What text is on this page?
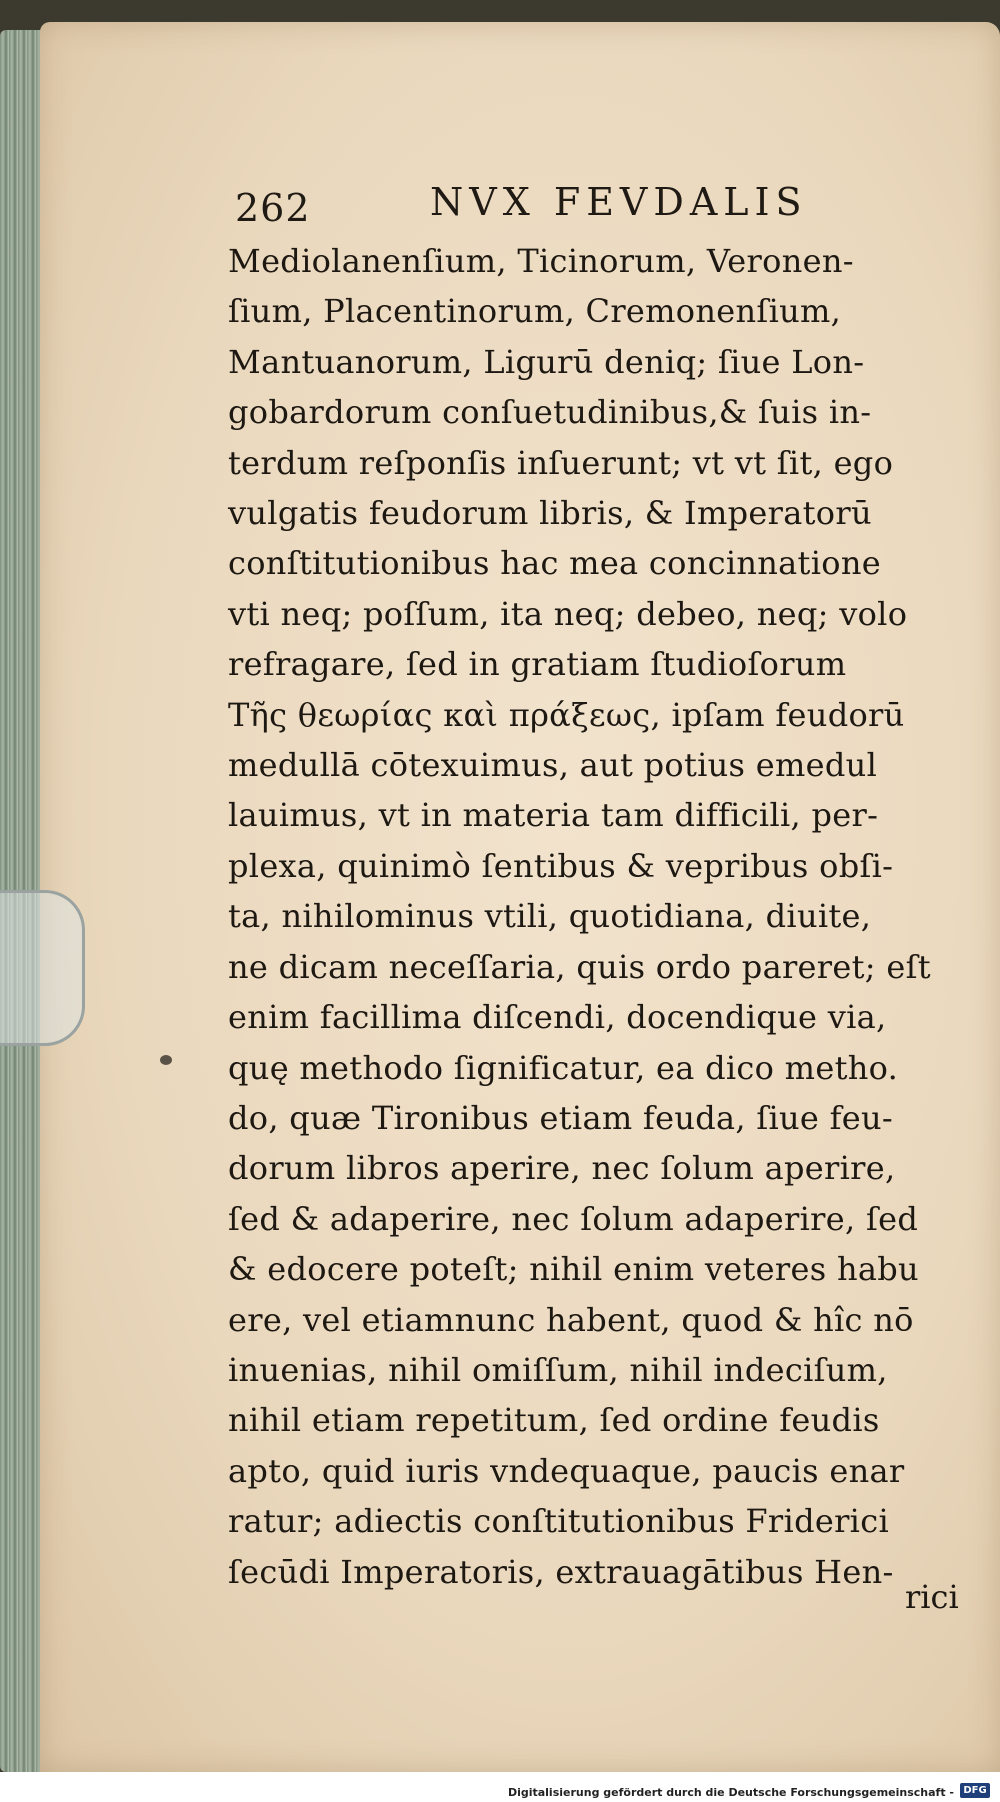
262	NVX FEVDALIS
Mediolanenſium, Ticinorum, Veronen-
ſium, Placentinorum, Cremonenſium,
Mantuanorum, Ligurū deniq; ſiue Lon-
gobardorum conſuetudinibus,& ſuis in-
terdum reſponſis inſuerunt; vt vt ſit, ego
vulgatis feudorum libris, & Imperatorū
conſtitutionibus hac mea concinnatione
vti neq; poſſum, ita neq; debeo, neq; volo
refragare, ſed in gratiam ſtudioſorum
Τῆς θεωρίας καὶ πράξεως, ipſam feudorū
medullā cōtexuimus, aut potius emedul
lauimus, vt in materia tam difficili, per-
plexa, quinimò ſentibus & vepribus obſi-
ta, nihilominus vtili, quotidiana, diuite,
ne dicam neceſſaria, quis ordo pareret; eſt
enim facillima diſcendi, docendique via,
quę methodo ſignificatur, ea dico metho.
do, quæ Tironibus etiam feuda, ſiue feu-
dorum libros aperire, nec ſolum aperire,
ſed & adaperire, nec ſolum adaperire, ſed
& edocere poteſt; nihil enim veteres habu
ere, vel etiamnunc habent, quod & hîc nō
inuenias, nihil omiſſum, nihil indeciſum,
nihil etiam repetitum, ſed ordine feudis
apto, quid iuris vndequaque, paucis enar
ratur; adiectis conſtitutionibus Friderici
ſecūdi Imperatoris, extrauagātibus Hen-
rici
Digitalisierung gefördert durch die Deutsche Forschungsgemeinschaft - DFG
